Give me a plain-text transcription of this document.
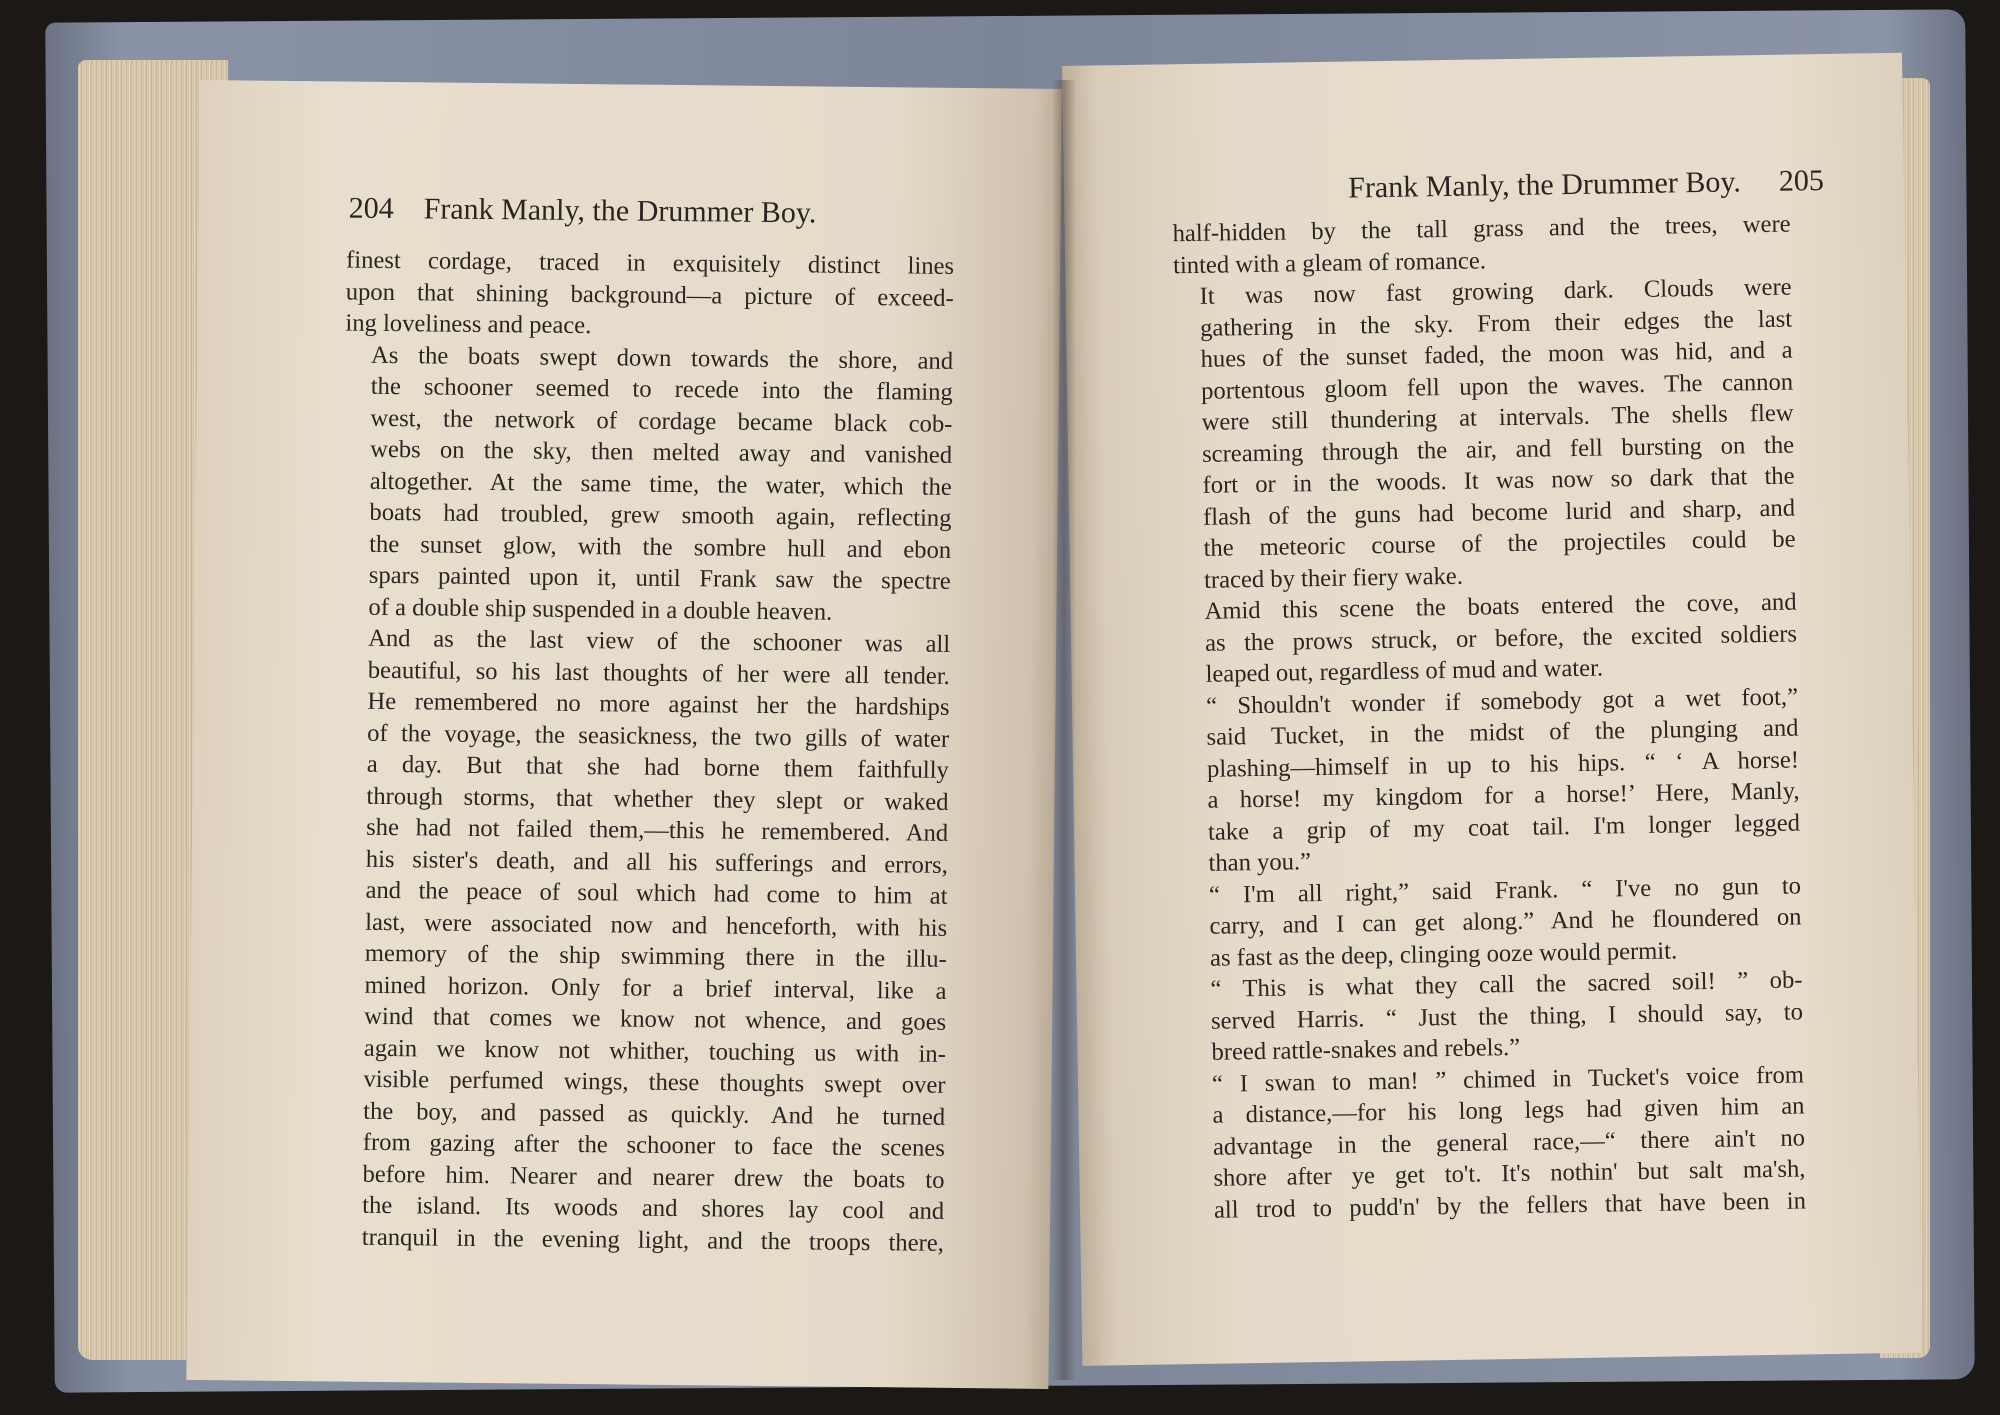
204 Frank Manly, the Drummer Boy.

finest cordage, traced in exquisitely distinct lines
upon that shining background—a picture of exceed-
ing loveliness and peace.

As the boats swept down towards the shore, and
the schooner seemed to recede into the flaming
west, the network of cordage became black cob-
webs on the sky, then melted away and vanished
altogether. At the same time, the water, which the
boats had troubled, grew smooth again, reflecting
the sunset glow, with the sombre hull and ebon
spars painted upon it, until Frank saw the spectre
of a double ship suspended in a double heaven.

And as the last view of the schooner was all
beautiful, so his last thoughts of her were all tender.
He remembered no more against her the hardships
of the voyage, the seasickness, the two gills of water
a day. But that she had borne them faithfully
through storms, that whether they slept or waked
she had not failed them,—this he remembered. And
his sister's death, and all his sufferings and errors,
and the peace of soul which had come to him at
last, were associated now and henceforth, with his
memory of the ship swimming there in the illu-
mined horizon. Only for a brief interval, like a
wind that comes we know not whence, and goes
again we know not whither, touching us with in-
visible perfumed wings, these thoughts swept over
the boy, and passed as quickly. And he turned
from gazing after the schooner to face the scenes
before him. Nearer and nearer drew the boats to
the island. Its woods and shores lay cool and
tranquil in the evening light, and the troops there,

Frank Manly, the Drummer Boy. 205

half-hidden by the tall grass and the trees, were
tinted with a gleam of romance.

It was now fast growing dark. Clouds were
gathering in the sky. From their edges the last
hues of the sunset faded, the moon was hid, and a
portentous gloom fell upon the waves. The cannon
were still thundering at intervals. The shells flew
screaming through the air, and fell bursting on the
fort or in the woods. It was now so dark that the
flash of the guns had become lurid and sharp, and
the meteoric course of the projectiles could be
traced by their fiery wake.

Amid this scene the boats entered the cove, and
as the prows struck, or before, the excited soldiers
leaped out, regardless of mud and water.

“ Shouldn't wonder if somebody got a wet foot,”
said Tucket, in the midst of the plunging and
plashing—himself in up to his hips. “ ‘ A horse!
a horse! my kingdom for a horse!’ Here, Manly,
take a grip of my coat tail. I'm longer legged
than you.”

“ I'm all right,” said Frank. “ I've no gun to
carry, and I can get along.” And he floundered on
as fast as the deep, clinging ooze would permit.

“ This is what they call the sacred soil! ” ob-
served Harris. “ Just the thing, I should say, to
breed rattle-snakes and rebels.”

“ I swan to man! ” chimed in Tucket's voice from
a distance,—for his long legs had given him an
advantage in the general race,—“ there ain't no
shore after ye get to't. It's nothin' but salt ma'sh,
all trod to pudd'n' by the fellers that have been in
